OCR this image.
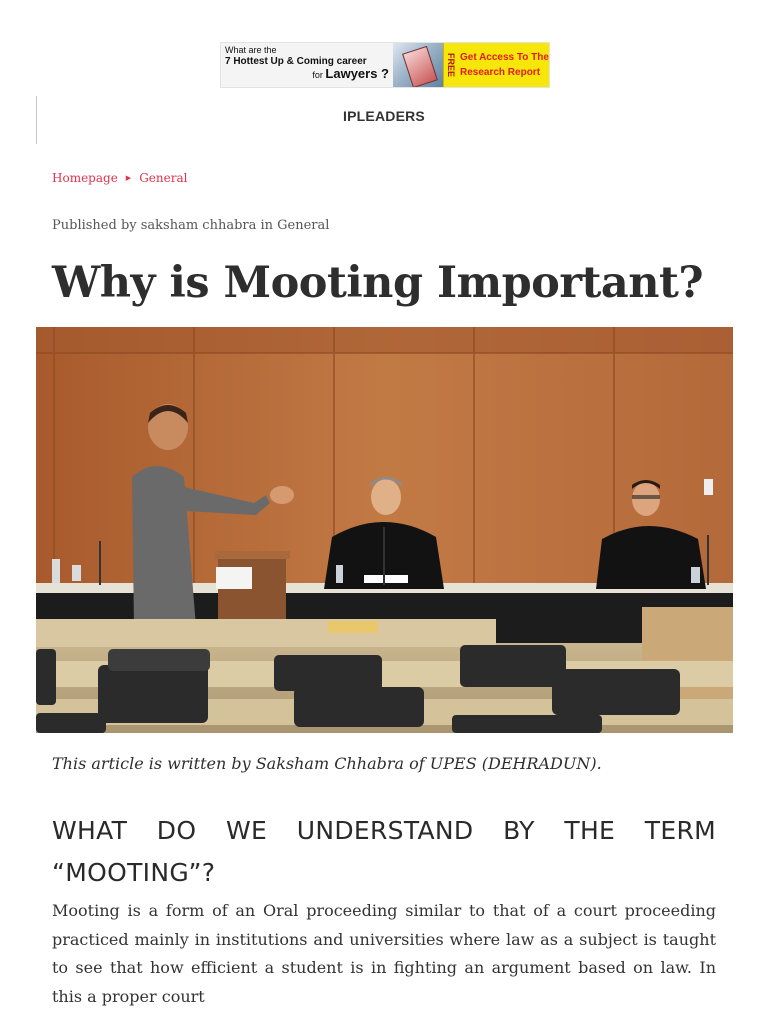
What are the
7 Hottest Up & Coming career
for Lawyers ?	FREE Get Access To The Research Report
IPLEADERS
Homepage ▶ General
Published by saksham chhabra in General
Why is Mooting Important?
This article is written by Saksham Chhabra of UPES (DEHRADUN).
WHAT DO WE UNDERSTAND BY THE TERM “MOOTING”?

Mooting is a form of an Oral proceeding similar to that of a court proceeding practiced mainly in institutions and universities where law as a subject is taught to see that how efficient a student is in fighting an argument based on law. In this a proper court
